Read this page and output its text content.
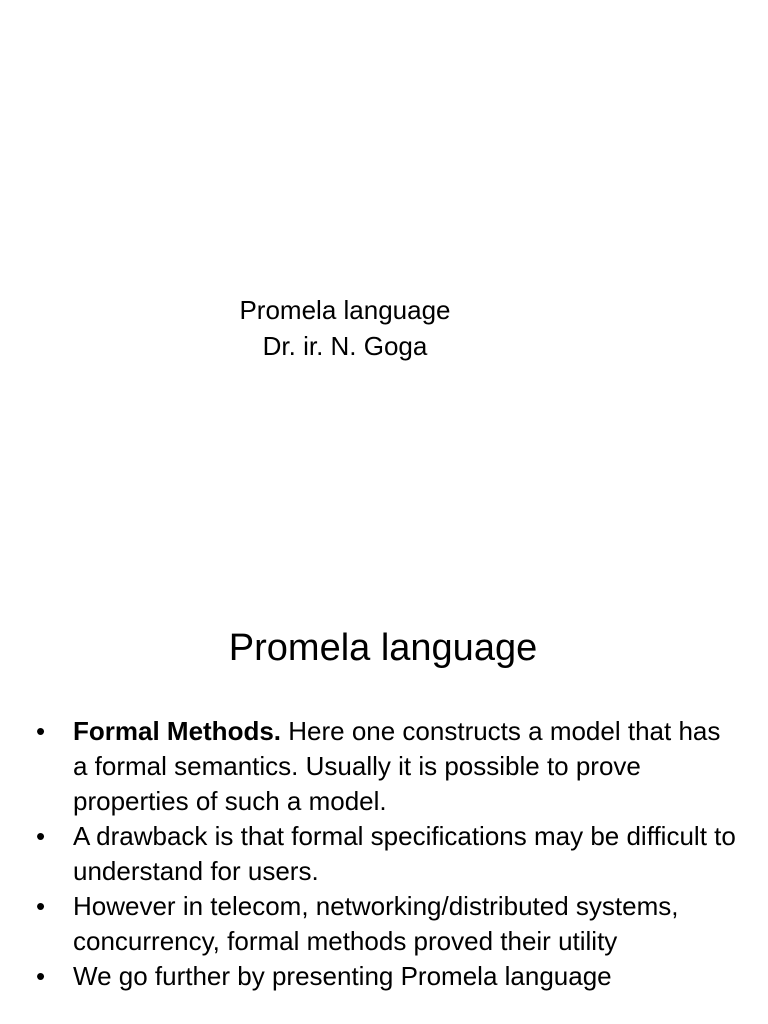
Promela language
Dr. ir. N. Goga
Promela language
• Formal Methods. Here one constructs a model that has a formal semantics. Usually it is possible to prove properties of such a model.
• A drawback is that formal specifications may be difficult to understand for users.
• However in telecom, networking/distributed systems, concurrency, formal methods proved their utility
• We go further by presenting Promela language
